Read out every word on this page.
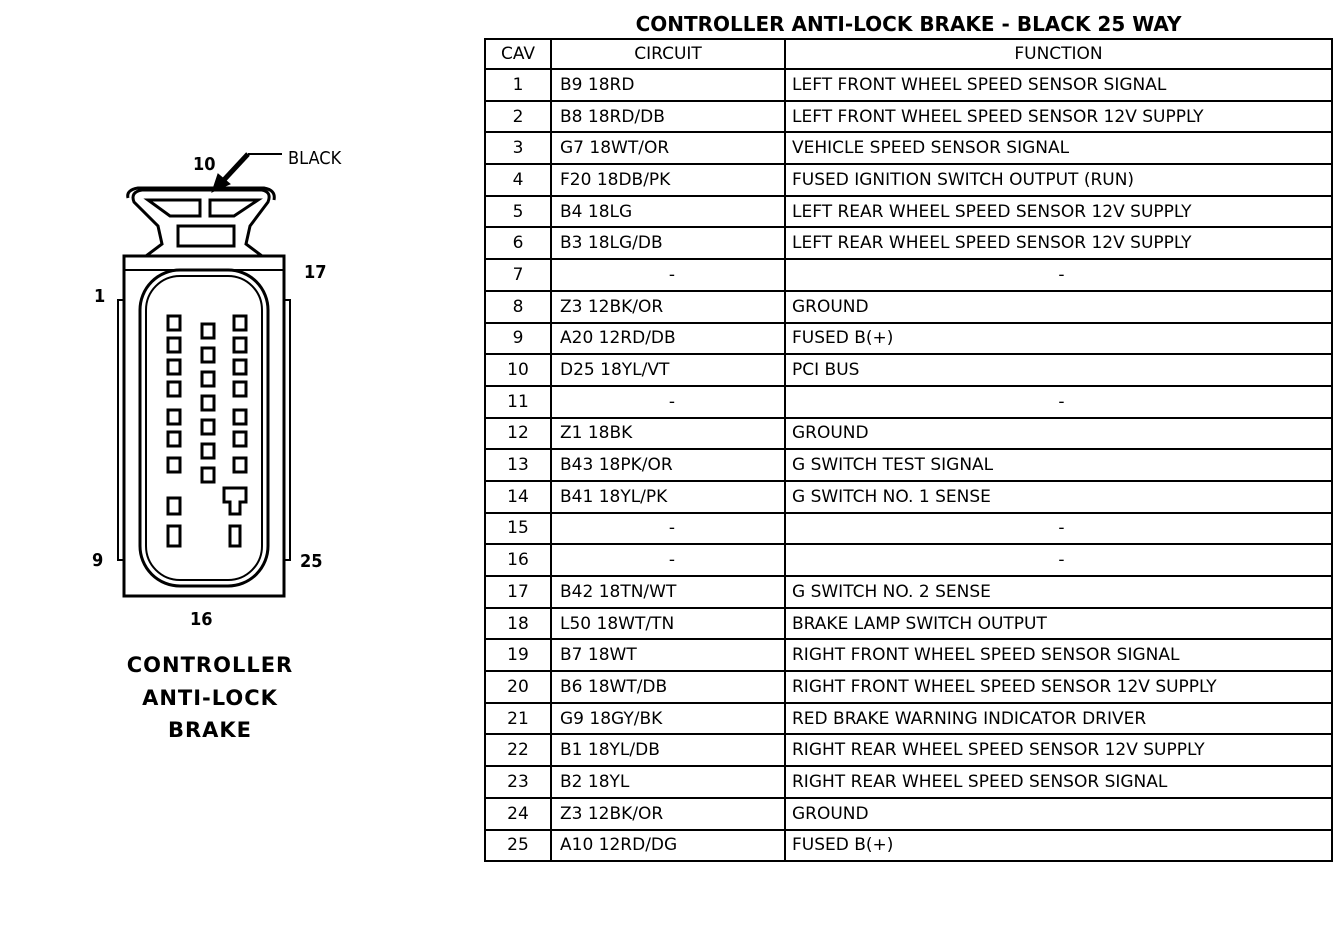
10	BLACK
1
17
9	25
16
CONTROLLER
ANTI-LOCK
BRAKE
CONTROLLER ANTI-LOCK BRAKE - BLACK 25 WAY
CAV	CIRCUIT	FUNCTION
1	B9 18RD	LEFT FRONT WHEEL SPEED SENSOR SIGNAL
2	B8 18RD/DB	LEFT FRONT WHEEL SPEED SENSOR 12V SUPPLY
3	G7 18WT/OR	VEHICLE SPEED SENSOR SIGNAL
4	F20 18DB/PK	FUSED IGNITION SWITCH OUTPUT (RUN)
5	B4 18LG	LEFT REAR WHEEL SPEED SENSOR 12V SUPPLY
6	B3 18LG/DB	LEFT REAR WHEEL SPEED SENSOR 12V SUPPLY
7	-	-
8	Z3 12BK/OR	GROUND
9	A20 12RD/DB	FUSED B(+)
10	D25 18YL/VT	PCI BUS
11	-	-
12	Z1 18BK	GROUND
13	B43 18PK/OR	G SWITCH TEST SIGNAL
14	B41 18YL/PK	G SWITCH NO. 1 SENSE
15	-	-
16	-	-
17	B42 18TN/WT	G SWITCH NO. 2 SENSE
18	L50 18WT/TN	BRAKE LAMP SWITCH OUTPUT
19	B7 18WT	RIGHT FRONT WHEEL SPEED SENSOR SIGNAL
20	B6 18WT/DB	RIGHT FRONT WHEEL SPEED SENSOR 12V SUPPLY
21	G9 18GY/BK	RED BRAKE WARNING INDICATOR DRIVER
22	B1 18YL/DB	RIGHT REAR WHEEL SPEED SENSOR 12V SUPPLY
23	B2 18YL	RIGHT REAR WHEEL SPEED SENSOR SIGNAL
24	Z3 12BK/OR	GROUND
25	A10 12RD/DG	FUSED B(+)
